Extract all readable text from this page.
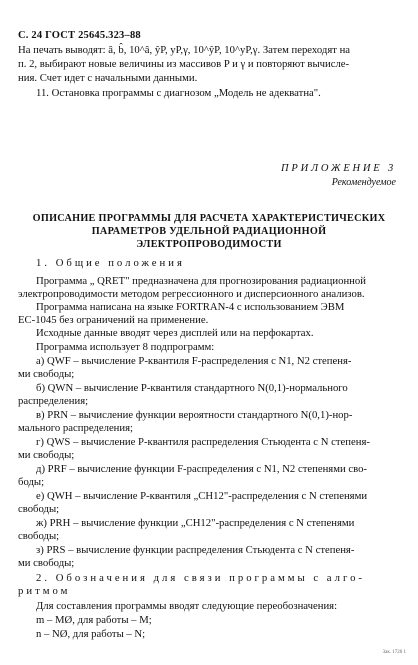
С. 24 ГОСТ 25645.323–88
На печать выводят: â, b̂, 10^â, ŷP, yP,γ, 10^ŷP, 10^yP,γ. Затем переходят на
п. 2, выбирают новые величины из массивов P и γ и повторяют вычисле-
ния. Счет идет с начальными данными.
11. Остановка программы с диагнозом „Модель не адекватна".
ПРИЛОЖЕНИЕ 3
Рекомендуемое
ОПИСАНИЕ ПРОГРАММЫ ДЛЯ РАСЧЕТА ХАРАКТЕРИСТИЧЕСКИХ
ПАРАМЕТРОВ УДЕЛЬНОЙ РАДИАЦИОННОЙ
ЭЛЕКТРОПРОВОДИМОСТИ
1. Общие положения
Программа „ QRET" предназначена для прогнозирования радиационной
электропроводимости методом регрессионного и дисперсионного анализов.
Программа написана на языке FORTRAN-4 с использованием ЭВМ
ЕС-1045 без ограничений на применение.
Исходные данные вводят через дисплей или на перфокартах.
Программа использует 8 подпрограмм:
а) QWF – вычисление P-квантиля F-распределения с N1, N2 степеня-
ми свободы;
б) QWN – вычисление P-квантиля стандартного N(0,1)-нормального
распределения;
в) PRN – вычисление функции вероятности стандартного N(0,1)-нор-
мального распределения;
г) QWS – вычисление P-квантиля распределения Стьюдента с N степеня-
ми свободы;
д) PRF – вычисление функции F-распределения с N1, N2 степенями сво-
боды;
е) QWH – вычисление P-квантиля „CH12"-распределения с N степенями
свободы;
ж) PRH – вычисление функции „CH12"-распределения с N степенями
свободы;
з) PRS – вычисление функции распределения Стьюдента с N степеня-
ми свободы;
2. Обозначения для связи программы с алго-
ритмом
Для составления программы вводят следующие переобозначения:
m – MØ, для работы – M;
n – NØ, для работы – N;
3ак. 1726 1
